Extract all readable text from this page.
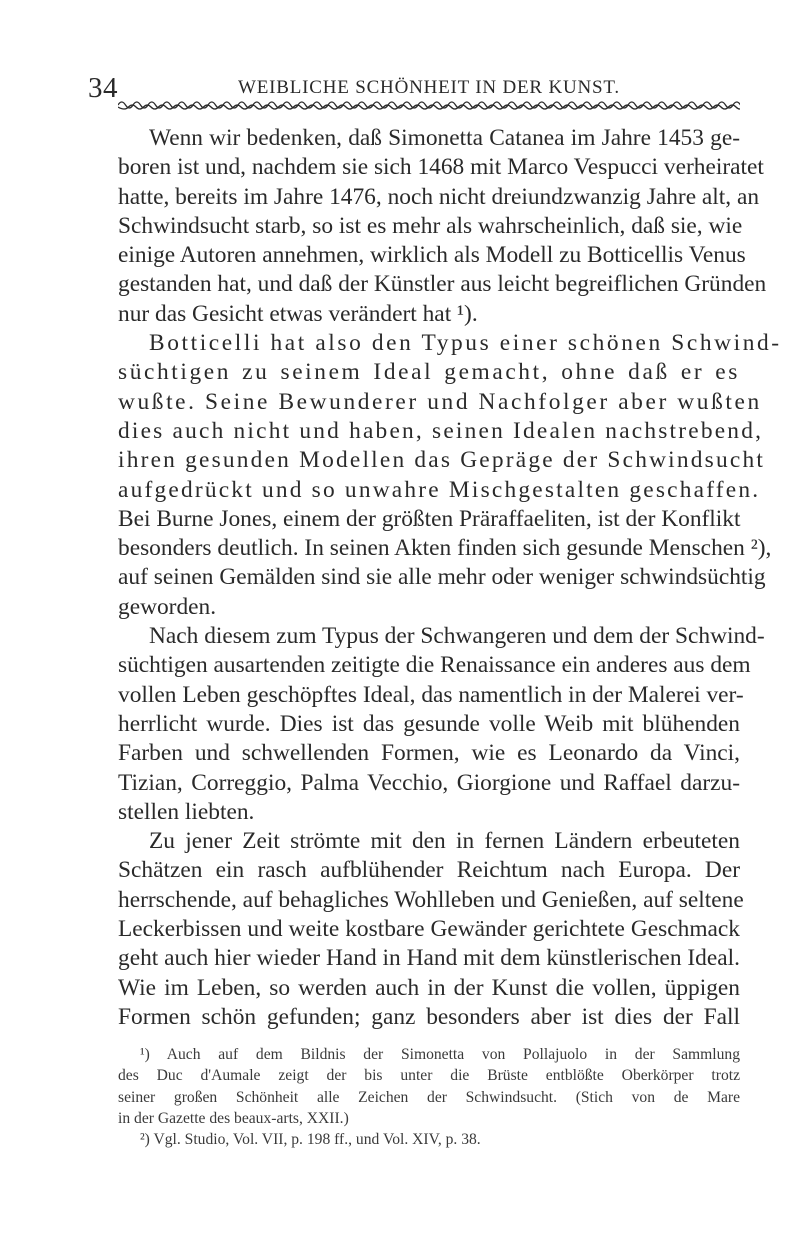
34	WEIBLICHE SCHÖNHEIT IN DER KUNST.
Wenn wir bedenken, daß Simonetta Catanea im Jahre 1453 ge-
boren ist und, nachdem sie sich 1468 mit Marco Vespucci verheiratet
hatte, bereits im Jahre 1476, noch nicht dreiundzwanzig Jahre alt, an
Schwindsucht starb, so ist es mehr als wahrscheinlich, daß sie, wie
einige Autoren annehmen, wirklich als Modell zu Botticellis Venus
gestanden hat, und daß der Künstler aus leicht begreiflichen Gründen
nur das Gesicht etwas verändert hat ¹).
Botticelli hat also den Typus einer schönen Schwind-
süchtigen zu seinem Ideal gemacht, ohne daß er es
wußte. Seine Bewunderer und Nachfolger aber wußten
dies auch nicht und haben, seinen Idealen nachstrebend,
ihren gesunden Modellen das Gepräge der Schwindsucht
aufgedrückt und so unwahre Mischgestalten geschaffen.
Bei Burne Jones, einem der größten Präraffaeliten, ist der Konflikt
besonders deutlich. In seinen Akten finden sich gesunde Menschen ²),
auf seinen Gemälden sind sie alle mehr oder weniger schwindsüchtig
geworden.
Nach diesem zum Typus der Schwangeren und dem der Schwind-
süchtigen ausartenden zeitigte die Renaissance ein anderes aus dem
vollen Leben geschöpftes Ideal, das namentlich in der Malerei ver-
herrlicht wurde. Dies ist das gesunde volle Weib mit blühenden
Farben und schwellenden Formen, wie es Leonardo da Vinci,
Tizian, Correggio, Palma Vecchio, Giorgione und Raffael darzu-
stellen liebten.
Zu jener Zeit strömte mit den in fernen Ländern erbeuteten
Schätzen ein rasch aufblühender Reichtum nach Europa. Der
herrschende, auf behagliches Wohlleben und Genießen, auf seltene
Leckerbissen und weite kostbare Gewänder gerichtete Geschmack
geht auch hier wieder Hand in Hand mit dem künstlerischen Ideal.
Wie im Leben, so werden auch in der Kunst die vollen, üppigen
Formen schön gefunden; ganz besonders aber ist dies der Fall
¹) Auch auf dem Bildnis der Simonetta von Pollajuolo in der Sammlung
des Duc d'Aumale zeigt der bis unter die Brüste entblößte Oberkörper trotz
seiner großen Schönheit alle Zeichen der Schwindsucht. (Stich von de Mare
in der Gazette des beaux-arts, XXII.)
²) Vgl. Studio, Vol. VII, p. 198 ff., und Vol. XIV, p. 38.
